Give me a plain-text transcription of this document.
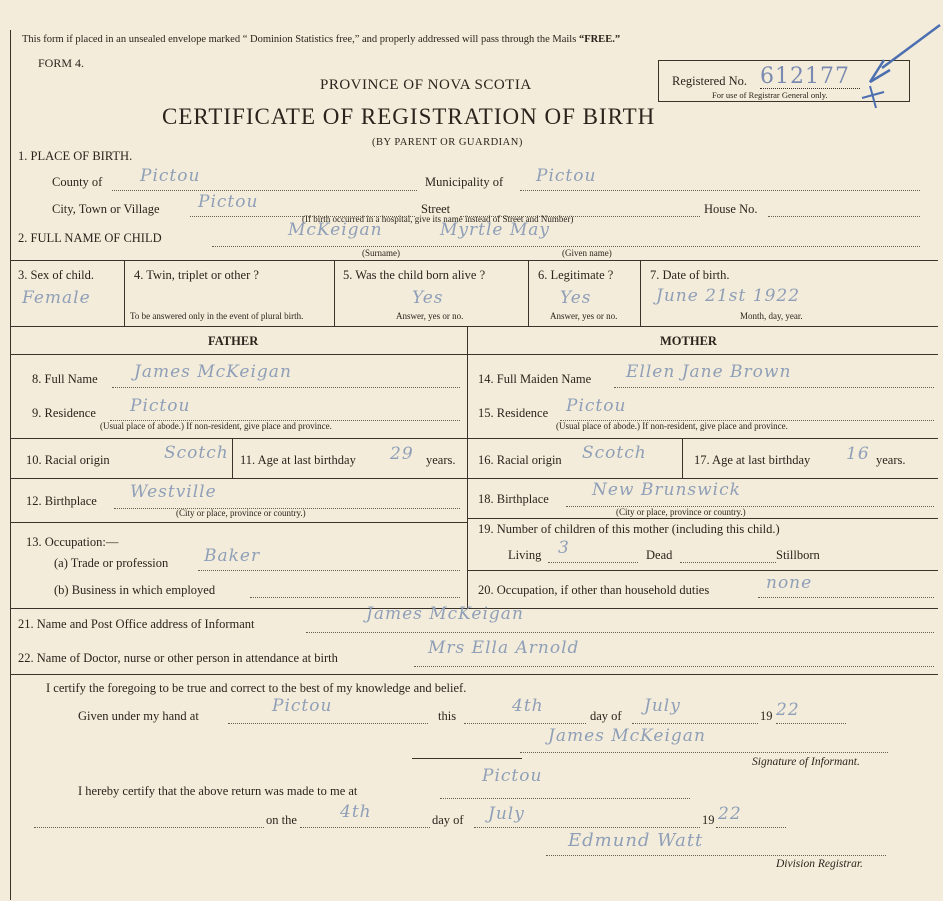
This form if placed in an unsealed envelope marked “ Dominion Statistics free,” and properly addressed will pass through the Mails “FREE.”
FORM 4.
PROVINCE OF NOVA SCOTIA
CERTIFICATE OF REGISTRATION OF BIRTH
(BY PARENT OR GUARDIAN)
Registered No. 612177
For use of Registrar General only.
1. PLACE OF BIRTH.
County of Pictou	Municipality of Pictou
City, Town or Village Pictou	Street	House No.
(If birth occurred in a hospital, give its name instead of Street and Number)
2. FULL NAME OF CHILD	McKeigan	Myrtle May
(Surname)	(Given name)
3. Sex of child.
Female
4. Twin, triplet or other ?
To be answered only in the event of plural birth.
5. Was the child born alive ?
Yes
Answer, yes or no.
6. Legitimate ?
Yes
Answer, yes or no.
7. Date of birth.
June 21st 1922
Month, day, year.
FATHER	MOTHER
8. Full Name James McKeigan
9. Residence Pictou
(Usual place of abode.) If non-resident, give place and province.
10. Racial origin	Scotch 11. Age at last birthday 29 years.
12. Birthplace Westville
(City or place, province or country.)
13. Occupation:—
(a) Trade or profession Baker
(b) Business in which employed
14. Full Maiden Name Ellen Jane Brown
15. Residence Pictou
(Usual place of abode.) If non-resident, give place and province.
16. Racial origin Scotch	17. Age at last birthday 16 years.
18. Birthplace	New Brunswick
(City or place, province or country.)
19. Number of children of this mother (including this child.)
Living 3	Dead	Stillborn
20. Occupation, if other than household duties	none
21. Name and Post Office address of Informant	James McKeigan
22. Name of Doctor, nurse or other person in attendance at birth	Mrs Ella Arnold
I certify the foregoing to be true and correct to the best of my knowledge and belief.
Given under my hand at	Pictou	this	4th	day of July	19 22
James McKeigan
Signature of Informant.
I hereby certify that the above return was made to me at
Pictou
on the	4th	day of July	19 22
Edmund Watt
Division Registrar.
